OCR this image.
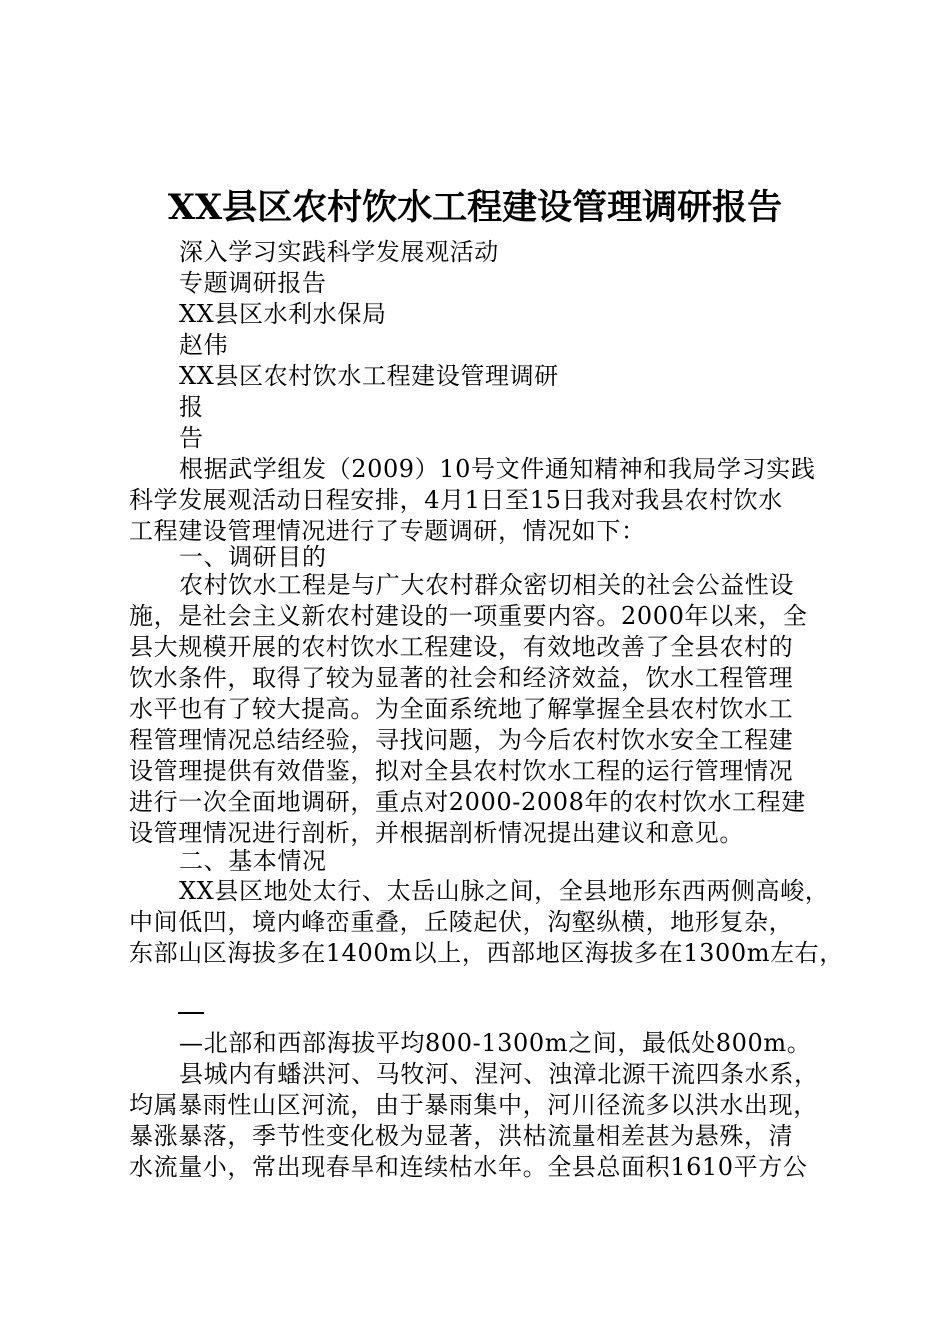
XX县区农村饮水工程建设管理调研报告
深入学习实践科学发展观活动
专题调研报告
XX县区水利水保局
赵伟
XX县区农村饮水工程建设管理调研
报
告
根据武学组发（2009）10号文件通知精神和我局学习实践
科学发展观活动日程安排，4月1日至15日我对我县农村饮水
工程建设管理情况进行了专题调研，情况如下：
一、调研目的
农村饮水工程是与广大农村群众密切相关的社会公益性设
施，是社会主义新农村建设的一项重要内容。2000年以来，全
县大规模开展的农村饮水工程建设，有效地改善了全县农村的
饮水条件，取得了较为显著的社会和经济效益，饮水工程管理
水平也有了较大提高。为全面系统地了解掌握全县农村饮水工
程管理情况总结经验，寻找问题，为今后农村饮水安全工程建
设管理提供有效借鉴，拟对全县农村饮水工程的运行管理情况
进行一次全面地调研，重点对2000-2008年的农村饮水工程建
设管理情况进行剖析，并根据剖析情况提出建议和意见。
二、基本情况
XX县区地处太行、太岳山脉之间，全县地形东西两侧高峻，
中间低凹，境内峰峦重叠，丘陵起伏，沟壑纵横，地形复杂，
东部山区海拔多在1400m以上，西部地区海拔多在1300m左右，
—北部和西部海拔平均800-1300m之间，最低处800m。
县城内有蟠洪河、马牧河、涅河、浊漳北源干流四条水系，
均属暴雨性山区河流，由于暴雨集中，河川径流多以洪水出现，
暴涨暴落，季节性变化极为显著，洪枯流量相差甚为悬殊，清
水流量小，常出现春旱和连续枯水年。全县总面积1610平方公
